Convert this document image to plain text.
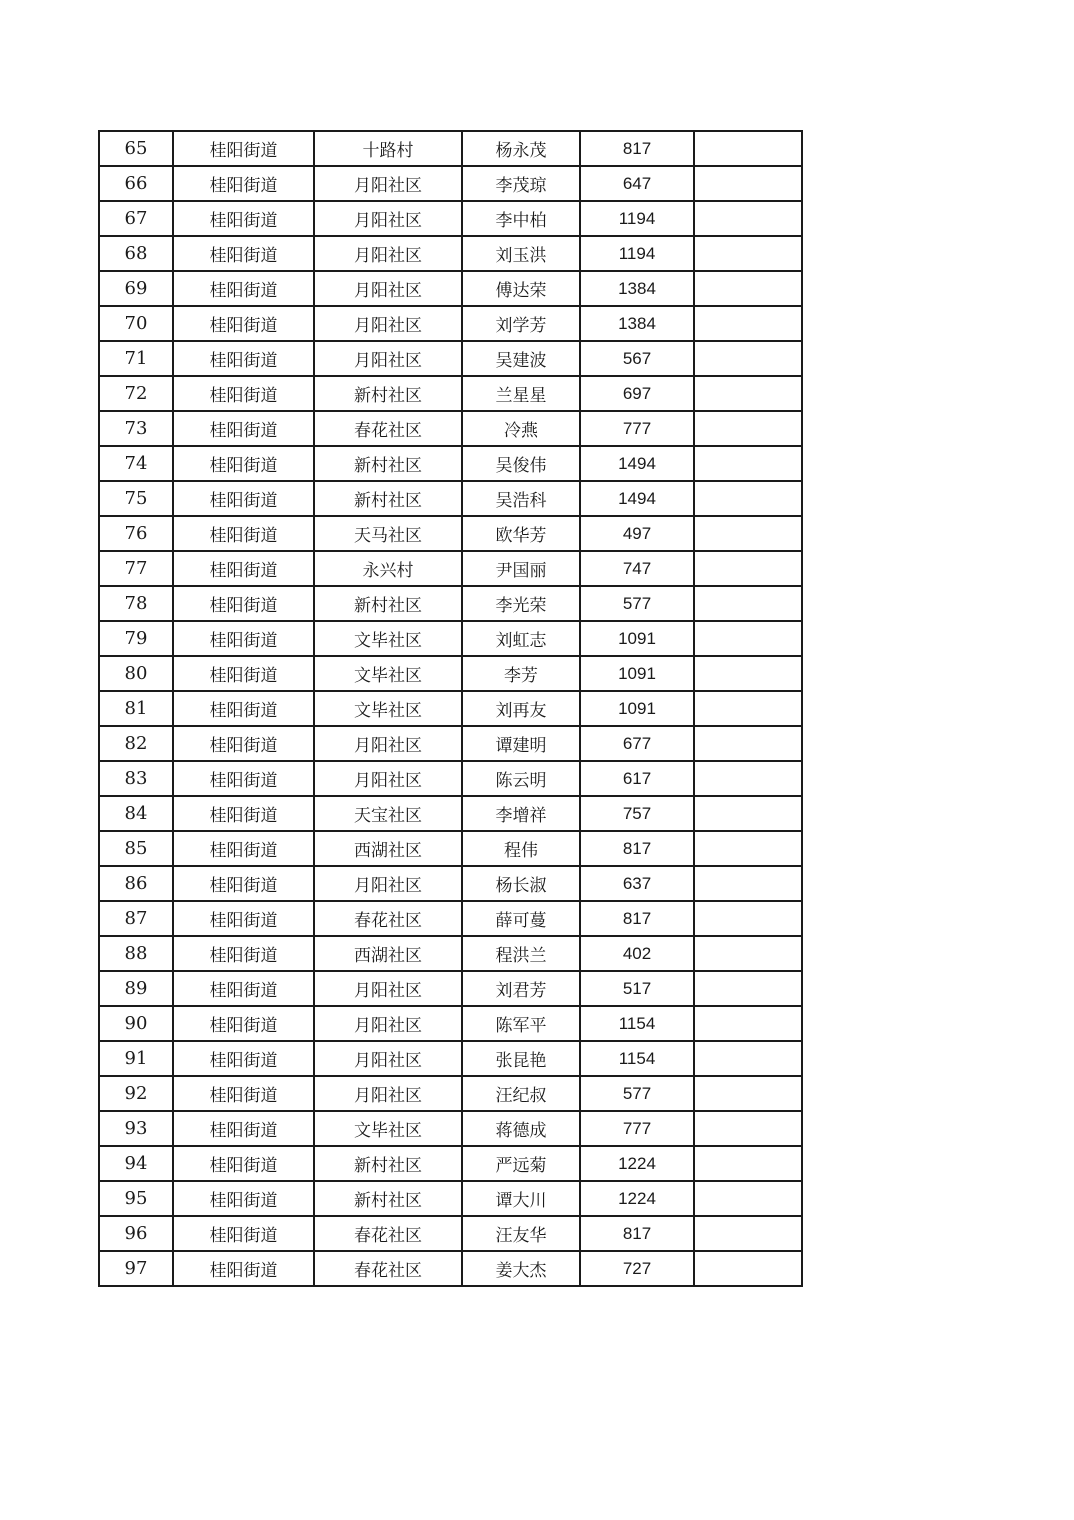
65	桂阳街道	十路村	杨永茂	817	
66	桂阳街道	月阳社区	李茂琼	647	
67	桂阳街道	月阳社区	李中柏	1194	
68	桂阳街道	月阳社区	刘玉洪	1194	
69	桂阳街道	月阳社区	傅达荣	1384	
70	桂阳街道	月阳社区	刘学芳	1384	
71	桂阳街道	月阳社区	吴建波	567	
72	桂阳街道	新村社区	兰星星	697	
73	桂阳街道	春花社区	冷燕	777	
74	桂阳街道	新村社区	吴俊伟	1494	
75	桂阳街道	新村社区	吴浩科	1494	
76	桂阳街道	天马社区	欧华芳	497	
77	桂阳街道	永兴村	尹国丽	747	
78	桂阳街道	新村社区	李光荣	577	
79	桂阳街道	文毕社区	刘虹志	1091	
80	桂阳街道	文毕社区	李芳	1091	
81	桂阳街道	文毕社区	刘再友	1091	
82	桂阳街道	月阳社区	谭建明	677	
83	桂阳街道	月阳社区	陈云明	617	
84	桂阳街道	天宝社区	李增祥	757	
85	桂阳街道	西湖社区	程伟	817	
86	桂阳街道	月阳社区	杨长淑	637	
87	桂阳街道	春花社区	薛可蔓	817	
88	桂阳街道	西湖社区	程洪兰	402	
89	桂阳街道	月阳社区	刘君芳	517	
90	桂阳街道	月阳社区	陈军平	1154	
91	桂阳街道	月阳社区	张昆艳	1154	
92	桂阳街道	月阳社区	汪纪叔	577	
93	桂阳街道	文毕社区	蒋德成	777	
94	桂阳街道	新村社区	严远菊	1224	
95	桂阳街道	新村社区	谭大川	1224	
96	桂阳街道	春花社区	汪友华	817	
97	桂阳街道	春花社区	姜大杰	727	
